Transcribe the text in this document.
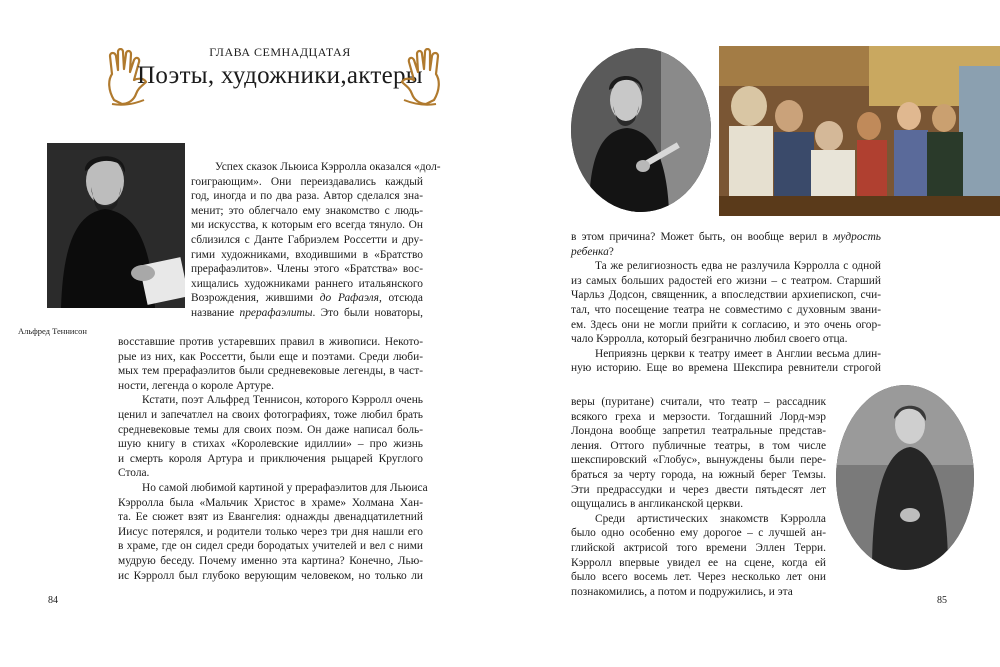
ГЛАВА СЕМНАДЦАТАЯ
Поэты, художники,актеры
Альфред Теннисон
Успех сказок Льюиса Кэрролла оказался «дол-
гоиграющим». Они переиздавались каждый
год, иногда и по два раза. Автор сделался зна-
менит; это облегчало ему знакомство с людь-
ми искусства, к которым его всегда тянуло. Он
сблизился с Данте Габриэлем Россетти и дру-
гими художниками, входившими в «Братство
прерафаэлитов». Члены этого «Братства» вос-
хищались художниками раннего итальянского
Возрождения, жившими до Рафаэля, отсюда
название прерафаэлиты. Это были новаторы,
восставшие против устаревших правил в живописи. Некото-
рые из них, как Россетти, были еще и поэтами. Среди люби-
мых тем прерафаэлитов были средневековые легенды, в част-
ности, легенда о короле Артуре.
Кстати, поэт Альфред Теннисон, которого Кэрролл очень
ценил и запечатлел на своих фотографиях, тоже любил брать
средневековые темы для своих поэм. Он даже написал боль-
шую книгу в стихах «Королевские идиллии» – про жизнь
и смерть короля Артура и приключения рыцарей Круглого
Стола.
Но самой любимой картиной у прерафаэлитов для Льюиса
Кэрролла была «Мальчик Христос в храме» Холмана Хан-
та. Ее сюжет взят из Евангелия: однажды двенадцатилетний
Иисус потерялся, и родители только через три дня нашли его
в храме, где он сидел среди бородатых учителей и вел с ними
мудрую беседу. Почему именно эта картина? Конечно, Лью-
ис Кэрролл был глубоко верующим человеком, но только ли
84
в этом причина? Может быть, он вообще верил в мудрость
ребенка?
Та же религиозность едва не разлучила Кэрролла с одной
из самых больших радостей его жизни – с театром. Старший
Чарльз Додсон, священник, а впоследствии архиепископ, счи-
тал, что посещение театра не совместимо с духовным звани-
ем. Здесь они не могли прийти к согласию, и это очень огор-
чало Кэрролла, который безграничнo любил своего отца.
Неприязнь церкви к театру имеет в Англии весьма длин-
ную историю. Еще во времена Шекспира ревнители строгой
веры (пуритане) считали, что театр – рассадник
всякого греха и мерзости. Тогдашний Лорд-мэр
Лондона вообще запретил театральные представ-
ления. Оттого публичные театры, в том числе
шекспировский «Глобус», вынуждены были пере-
браться за черту города, на южный берег Темзы.
Эти предрассудки и через двести пятьдесят лет
ощущались в англиканской церкви.
Среди артистических знакомств Кэрролла
было одно особенно ему дорогое – с лучшей ан-
глийской актрисой того времени Эллен Терри.
Кэрролл впервые увидел ее на сцене, когда ей
было всего восемь лет. Через несколько лет они
познакомились, а потом и подружились, и эта
85
